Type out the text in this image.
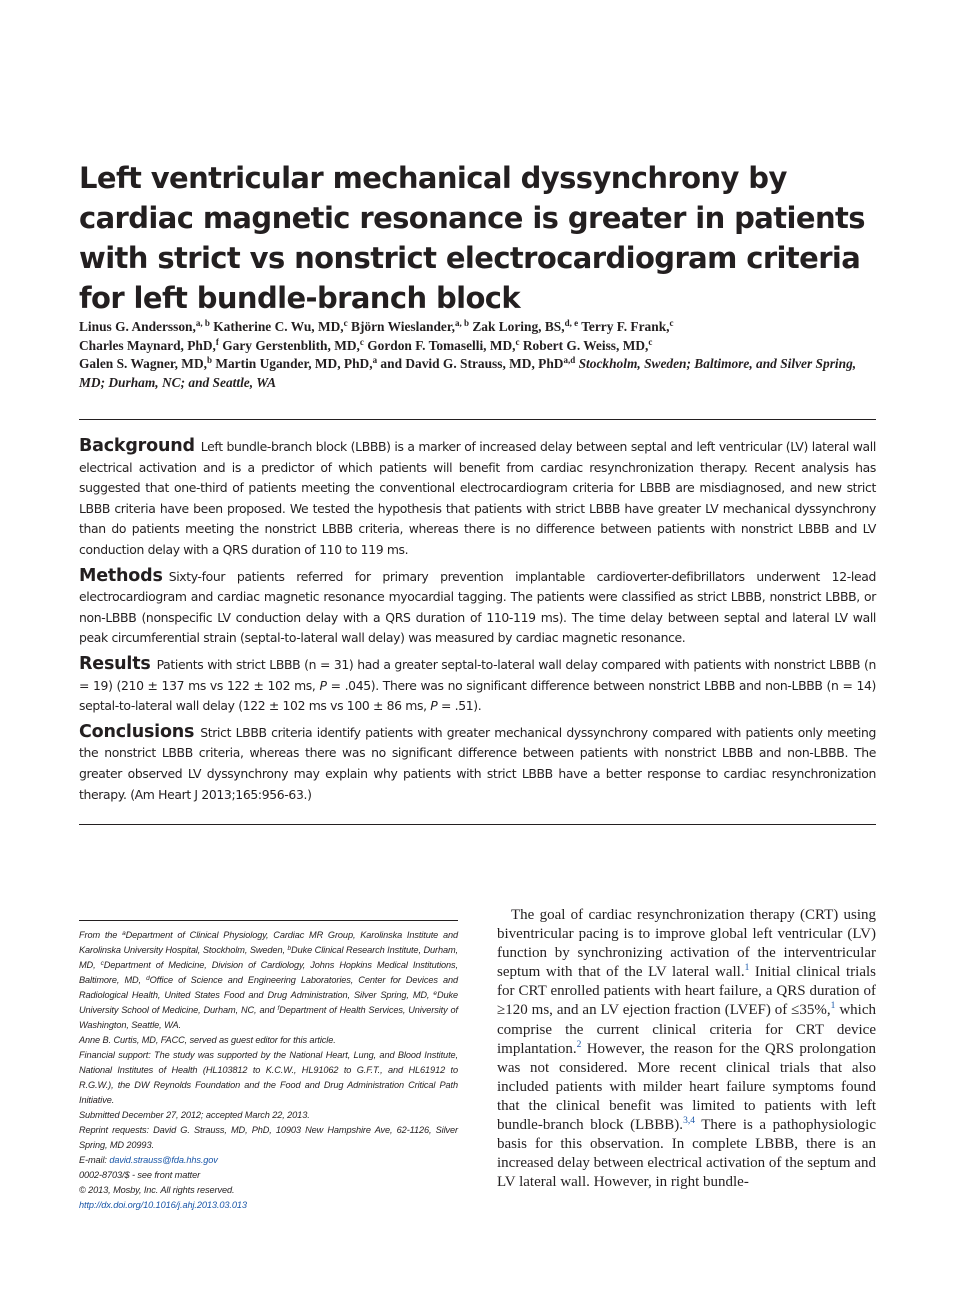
Left ventricular mechanical dyssynchrony by cardiac magnetic resonance is greater in patients with strict vs nonstrict electrocardiogram criteria for left bundle-branch block
Linus G. Andersson,$^{a, b}$ Katherine C. Wu, MD,$^c$ Björn Wieslander,$^{a, b}$ Zak Loring, BS,$^{d, e}$ Terry F. Frank,$^c$
Charles Maynard, PhD,$^f$ Gary Gerstenblith, MD,$^c$ Gordon F. Tomaselli, MD,$^c$ Robert G. Weiss, MD,$^c$
Galen S. Wagner, MD,$^b$ Martin Ugander, MD, PhD,$^a$ and David G. Strauss, MD, PhD$^{a,d}$ Stockholm, Sweden; Baltimore, and Silver Spring, MD; Durham, NC; and Seattle, WA

Background Left bundle-branch block (LBBB) is a marker of increased delay between septal and left ventricular (LV) lateral wall electrical activation and is a predictor of which patients will benefit from cardiac resynchronization therapy. Recent analysis has suggested that one-third of patients meeting the conventional electrocardiogram criteria for LBBB are misdiagnosed, and new strict LBBB criteria have been proposed. We tested the hypothesis that patients with strict LBBB have greater LV mechanical dyssynchrony than do patients meeting the nonstrict LBBB criteria, whereas there is no difference between patients with nonstrict LBBB and LV conduction delay with a QRS duration of 110 to 119 ms.

Methods Sixty-four patients referred for primary prevention implantable cardioverter-defibrillators underwent 12-lead electrocardiogram and cardiac magnetic resonance myocardial tagging. The patients were classified as strict LBBB, nonstrict LBBB, or non-LBBB (nonspecific LV conduction delay with a QRS duration of 110-119 ms). The time delay between septal and lateral LV wall peak circumferential strain (septal-to-lateral wall delay) was measured by cardiac magnetic resonance.

Results Patients with strict LBBB (n = 31) had a greater septal-to-lateral wall delay compared with patients with nonstrict LBBB (n = 19) (210 ± 137 ms vs 122 ± 102 ms, P = .045). There was no significant difference between nonstrict LBBB and non-LBBB (n = 14) septal-to-lateral wall delay (122 ± 102 ms vs 100 ± 86 ms, P = .51).

Conclusions Strict LBBB criteria identify patients with greater mechanical dyssynchrony compared with patients only meeting the nonstrict LBBB criteria, whereas there was no significant difference between patients with nonstrict LBBB and non-LBBB. The greater observed LV dyssynchrony may explain why patients with strict LBBB have a better response to cardiac resynchronization therapy. (Am Heart J 2013;165:956-63.)

From the $^a$Department of Clinical Physiology, Cardiac MR Group, Karolinska Institute and Karolinska University Hospital, Stockholm, Sweden, $^b$Duke Clinical Research Institute, Durham, MD, $^c$Department of Medicine, Division of Cardiology, Johns Hopkins Medical Institutions, Baltimore, MD, $^d$Office of Science and Engineering Laboratories, Center for Devices and Radiological Health, United States Food and Drug Administration, Silver Spring, MD, $^e$Duke University School of Medicine, Durham, NC, and $^f$Department of Health Services, University of Washington, Seattle, WA.

Anne B. Curtis, MD, FACC, served as guest editor for this article.

Financial support: The study was supported by the National Heart, Lung, and Blood Institute, National Institutes of Health (HL103812 to K.C.W., HL91062 to G.F.T., and HL61912 to R.G.W.), the DW Reynolds Foundation and the Food and Drug Administration Critical Path Initiative.

Submitted December 27, 2012; accepted March 22, 2013.

Reprint requests: David G. Strauss, MD, PhD, 10903 New Hampshire Ave, 62-1126, Silver Spring, MD 20993.

E-mail: david.strauss@fda.hhs.gov

0002-8703/$ - see front matter

© 2013, Mosby, Inc. All rights reserved.

http://dx.doi.org/10.1016/j.ahj.2013.03.013

The goal of cardiac resynchronization therapy (CRT) using biventricular pacing is to improve global left ventricular (LV) function by synchronizing activation of the interventricular septum with that of the LV lateral wall.$^1$ Initial clinical trials for CRT enrolled patients with heart failure, a QRS duration of ≥120 ms, and an LV ejection fraction (LVEF) of ≤35%,$^1$ which comprise the current clinical criteria for CRT device implantation.$^2$ However, the reason for the QRS prolongation was not considered. More recent clinical trials that also included patients with milder heart failure symptoms found that the clinical benefit was limited to patients with left bundle-branch block (LBBB).$^{3,4}$ There is a pathophysiologic basis for this observation. In complete LBBB, there is an increased delay between electrical activation of the septum and LV lateral wall. However, in right bundle-
